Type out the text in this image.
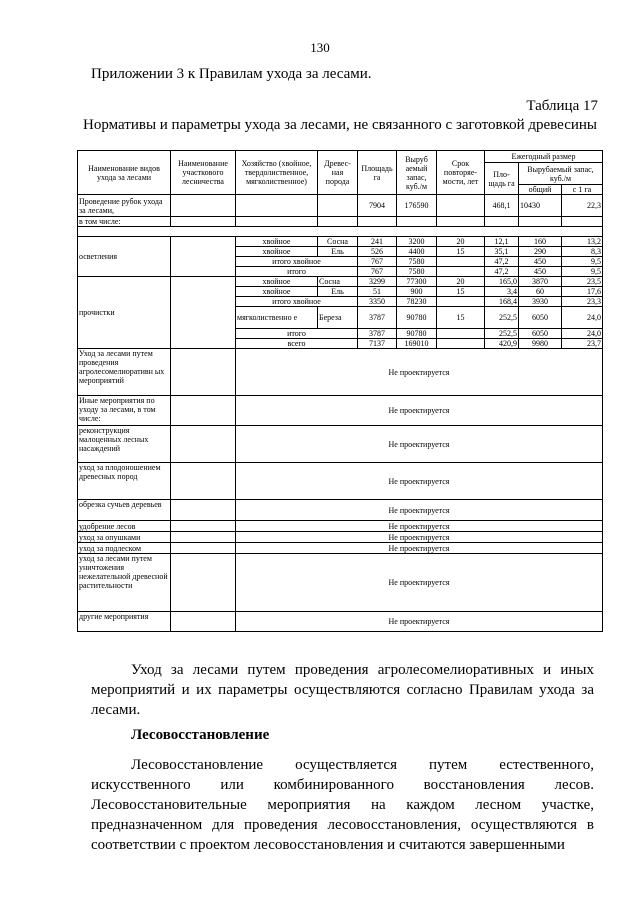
130
Приложении 3 к Правилам ухода за лесами.
Таблица 17
Нормативы и параметры ухода за лесами, не связанного с заготовкой древесины
Наименование видов ухода за лесами	Наименование участкового лесничества	Хозяйство (хвойное, твердолиственное, мягколиственное)	Древес-ная порода	Площадь га	Выруб аемый запас, куб./м	Срок повторяе-мости, лет	Ежегодный размер		
							Пло-щадь га	Вырубаемый запас, куб./м	
								общий	с 1 га
Проведение рубок ухода за лесами,				7904	176590		468,1	10430	22,3
в том числе:									

осветления		хвойное	Сосна	241	3200	20	12,1	160	13,2
		хвойное	Ель	526	4400	15	35,1	290	8,3
		итого хвойное		767	7580		47,2	450	9,5
		итого		767	7580		47,2	450	9,5
прочистки		хвойное	Сосна	3299	77300	20	165,0	3870	23,5
		хвойное	Ель	51	900	15	3,4	60	17,6
		итого хвойное		3350	78230		168,4	3930	23,3
		мягколиственно е	Береза	3787	90780	15	252,5	6050	24,0
		итого		3787	90780		252,5	6050	24,0
		всего		7137	169010		420,9	9980	23,7
Уход за лесами путем проведения агролесомелиоративн ых мероприятий		Не проектируется							
Иные мероприятия по уходу за лесами, в том числе:		Не проектируется							
реконструкция малоценных лесных насаждений		Не проектируется							
уход за плодоношением древесных пород		Не проектируется							
обрезка сучьев деревьев		Не проектируется							
удобрение лесов		Не проектируется							
уход за опушками		Не проектируется							
уход за подлеском		Не проектируется							
уход за лесами путем уничтожения нежелательной древесной растительности		Не проектируется							
другие мероприятия		Не проектируется							
Уход за лесами путем проведения агролесомелиоративных и иных мероприятий и их параметры осуществляются согласно Правилам ухода за лесами.
Лесовосстановление
Лесовосстановление осуществляется путем естественного, искусственного или комбинированного восстановления лесов. Лесовосстановительные мероприятия на каждом лесном участке, предназначенном для проведения лесовосстановления, осуществляются в соответствии с проектом лесовосстановления и считаются завершенными
